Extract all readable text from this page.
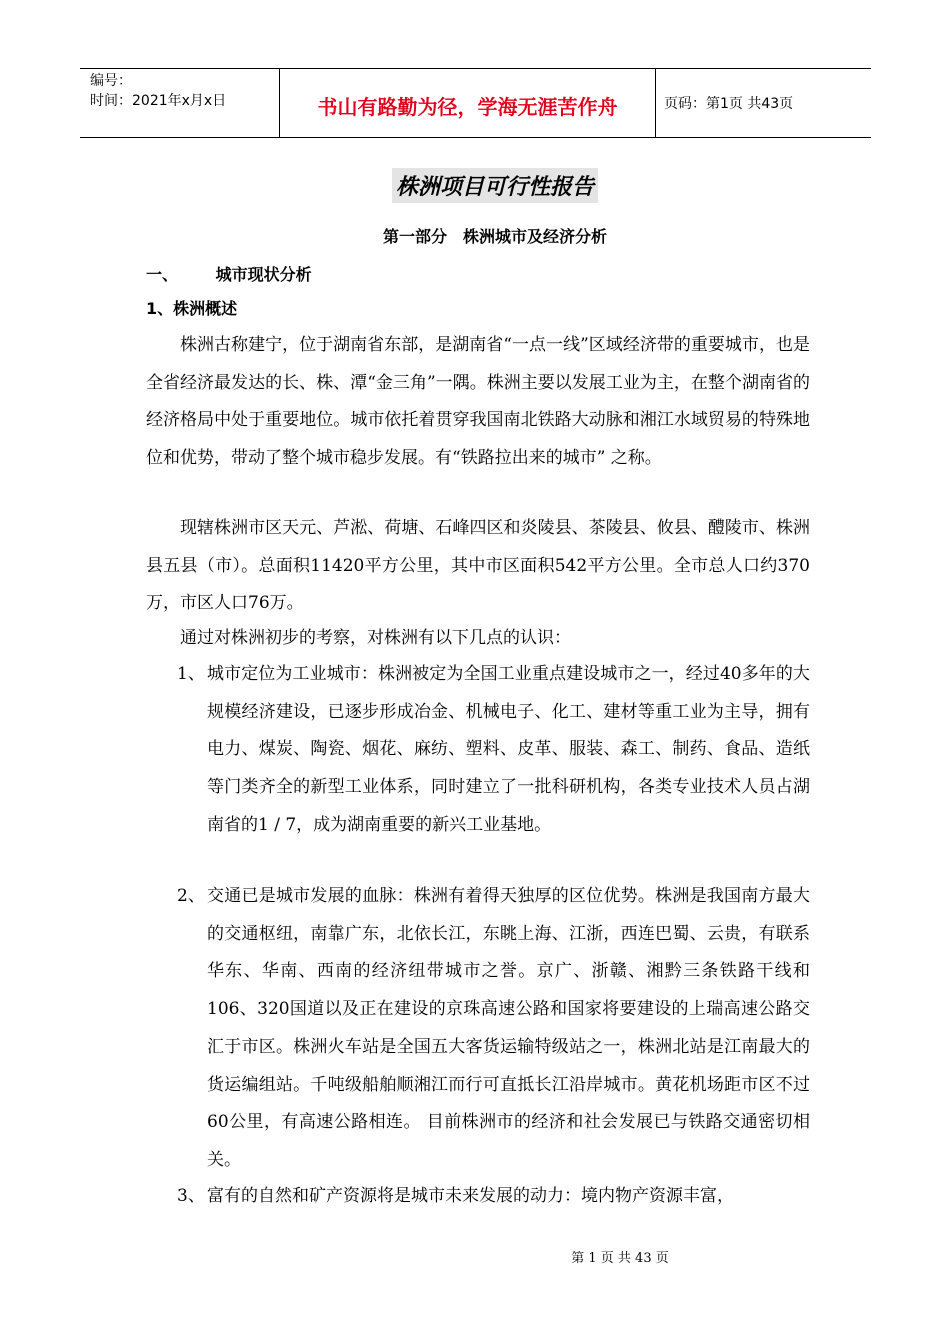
编号：
时间：2021年x月x日	书山有路勤为径，学海无涯苦作舟	页码：第1页 共43页
株洲项目可行性报告
第一部分　株洲城市及经济分析
一、 城市现状分析
1、株洲概述

株洲古称建宁，位于湖南省东部，是湖南省“一点一线”区域经济带的重要城市，也是全省经济最发达的长、株、潭“金三角”一隅。株洲主要以发展工业为主，在整个湖南省的经济格局中处于重要地位。城市依托着贯穿我国南北铁路大动脉和湘江水域贸易的特殊地位和优势，带动了整个城市稳步发展。有“铁路拉出来的城市” 之称。

现辖株洲市区天元、芦淞、荷塘、石峰四区和炎陵县、茶陵县、攸县、醴陵市、株洲县五县（市）。总面积11420平方公里，其中市区面积542平方公里。全市总人口约370万，市区人口76万。

通过对株洲初步的考察，对株洲有以下几点的认识：

1、 城市定位为工业城市：株洲被定为全国工业重点建设城市之一，经过40多年的大规模经济建设，已逐步形成冶金、机械电子、化工、建材等重工业为主导，拥有电力、煤炭、陶瓷、烟花、麻纺、塑料、皮革、服装、森工、制药、食品、造纸等门类齐全的新型工业体系，同时建立了一批科研机构，各类专业技术人员占湖南省的1 / 7，成为湖南重要的新兴工业基地。
2、 交通已是城市发展的血脉：株洲有着得天独厚的区位优势。株洲是我国南方最大的交通枢纽，南靠广东，北依长江，东眺上海、江浙，西连巴蜀、云贵，有联系华东、华南、西南的经济纽带城市之誉。京广、浙赣、湘黔三条铁路干线和106、320国道以及正在建设的京珠高速公路和国家将要建设的上瑞高速公路交汇于市区。株洲火车站是全国五大客货运输特级站之一，株洲北站是江南最大的货运编组站。千吨级船舶顺湘江而行可直抵长江沿岸城市。黄花机场距市区不过60公里，有高速公路相连。 目前株洲市的经济和社会发展已与铁路交通密切相关。
3、 富有的自然和矿产资源将是城市未来发展的动力：境内物产资源丰富，
第 1 页 共 43 页
